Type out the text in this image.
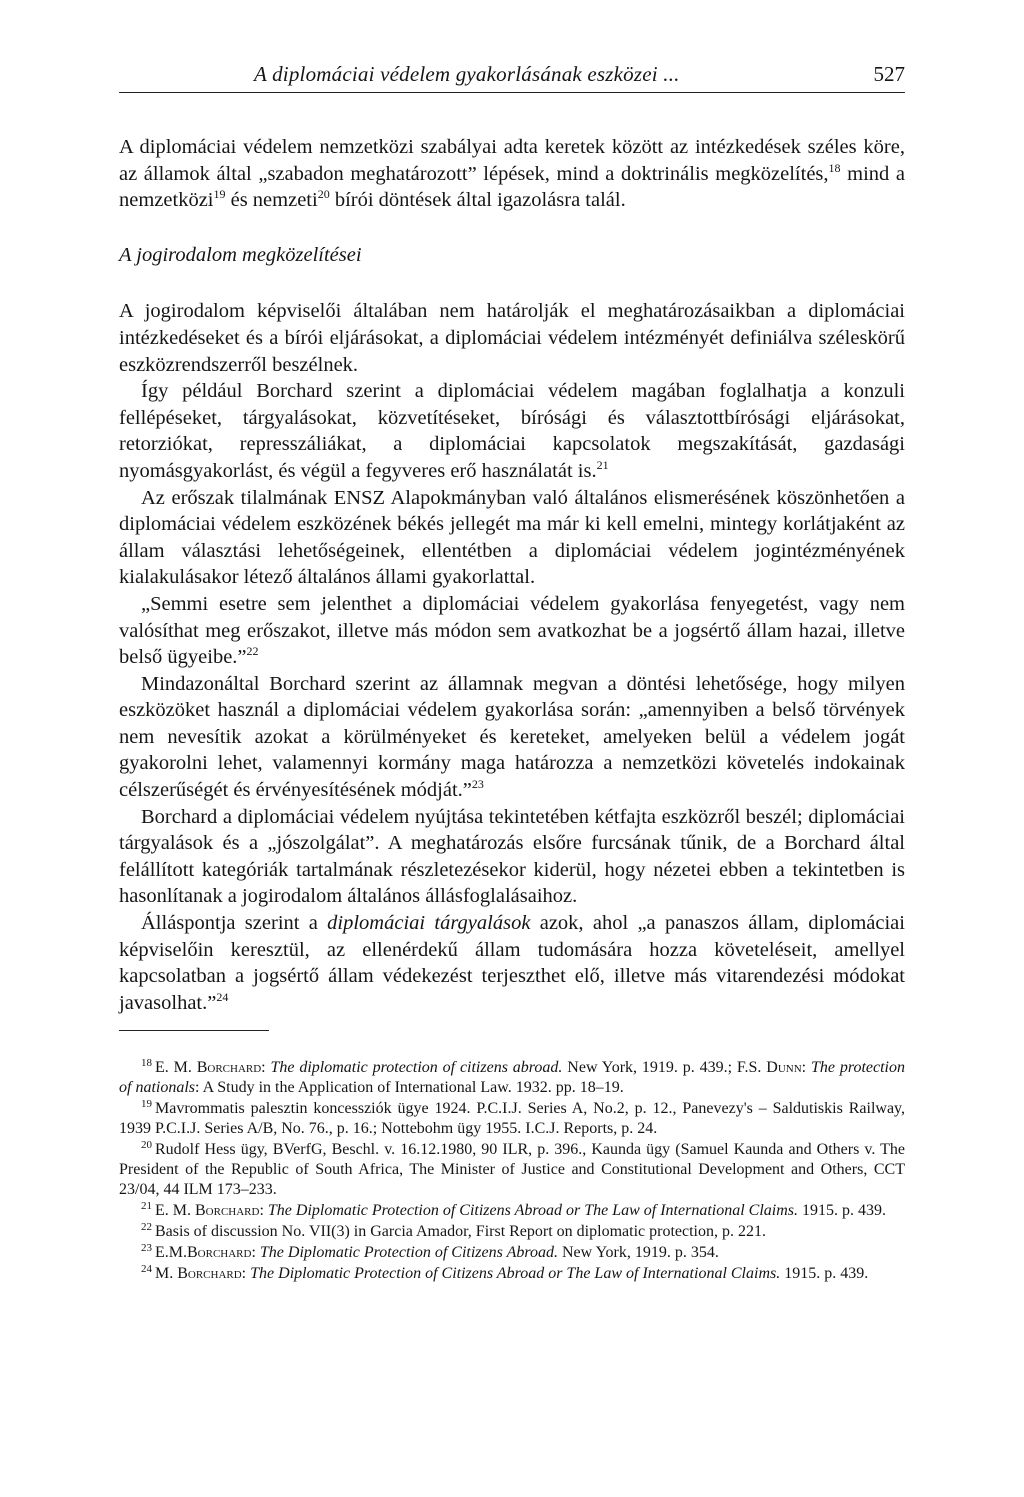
A diplomáciai védelem gyakorlásának eszközei ...	527

A diplomáciai védelem nemzetközi szabályai adta keretek között az intézkedések széles köre, az államok által „szabadon meghatározott” lépések, mind a doktrinális megközelítés,$^{18}$ mind a nemzetközi$^{19}$ és nemzeti$^{20}$ bírói döntések által igazolásra talál.

A jogirodalom megközelítései

A jogirodalom képviselői általában nem határolják el meghatározásaikban a diplomáciai intézkedéseket és a bírói eljárásokat, a diplomáciai védelem intézményét definiálva széleskörű eszközrendszerről beszélnek.

Így például Borchard szerint a diplomáciai védelem magában foglalhatja a konzuli fellépéseket, tárgyalásokat, közvetítéseket, bírósági és választottbírósági eljárásokat, retorziókat, represszáliákat, a diplomáciai kapcsolatok megszakítását, gazdasági nyomásgyakorlást, és végül a fegyveres erő használatát is.$^{21}$

Az erőszak tilalmának ENSZ Alapokmányban való általános elismerésének köszönhetően a diplomáciai védelem eszközének békés jellegét ma már ki kell emelni, mintegy korlátjaként az állam választási lehetőségeinek, ellentétben a diplomáciai védelem jogintézményének kialakulásakor létező általános állami gyakorlattal.

„Semmi esetre sem jelenthet a diplomáciai védelem gyakorlása fenyegetést, vagy nem valósíthat meg erőszakot, illetve más módon sem avatkozhat be a jogsértő állam hazai, illetve belső ügyeibe.”$^{22}$

Mindazonáltal Borchard szerint az államnak megvan a döntési lehetősége, hogy milyen eszközöket használ a diplomáciai védelem gyakorlása során: „amennyiben a belső törvények nem nevesítik azokat a körülményeket és kereteket, amelyeken belül a védelem jogát gyakorolni lehet, valamennyi kormány maga határozza a nemzetközi követelés indokainak célszerűségét és érvényesítésének módját.”$^{23}$

Borchard a diplomáciai védelem nyújtása tekintetében kétfajta eszközről beszél; diplomáciai tárgyalások és a „jószolgálat”. A meghatározás elsőre furcsának tűnik, de a Borchard által felállított kategóriák tartalmának részletezésekor kiderül, hogy nézetei ebben a tekintetben is hasonlítanak a jogirodalom általános állásfoglalásaihoz.

Álláspontja szerint a diplomáciai tárgyalások azok, ahol „a panaszos állam, diplomáciai képviselőin keresztül, az ellenérdekű állam tudomására hozza követeléseit, amellyel kapcsolatban a jogsértő állam védekezést terjeszthet elő, illetve más vitarendezési módokat javasolhat.”$^{24}$

$^{18}$ E. M. Borchard: The diplomatic protection of citizens abroad. New York, 1919. p. 439.; F.S. Dunn: The protection of nationals: A Study in the Application of International Law. 1932. pp. 18–19.
$^{19}$ Mavrommatis palesztin koncessziók ügye 1924. P.C.I.J. Series A, No.2, p. 12., Panevezy's – Saldutiskis Railway, 1939 P.C.I.J. Series A/B, No. 76., p. 16.; Nottebohm ügy 1955. I.C.J. Reports, p. 24.
$^{20}$ Rudolf Hess ügy, BVerfG, Beschl. v. 16.12.1980, 90 ILR, p. 396., Kaunda ügy (Samuel Kaunda and Others v. The President of the Republic of South Africa, The Minister of Justice and Constitutional Development and Others, CCT 23/04, 44 ILM 173–233.
$^{21}$ E. M. Borchard: The Diplomatic Protection of Citizens Abroad or The Law of International Claims. 1915. p. 439.
$^{22}$ Basis of discussion No. VII(3) in Garcia Amador, First Report on diplomatic protection, p. 221.
$^{23}$ E.M.Borchard: The Diplomatic Protection of Citizens Abroad. New York, 1919. p. 354.
$^{24}$ M. Borchard: The Diplomatic Protection of Citizens Abroad or The Law of International Claims. 1915. p. 439.
